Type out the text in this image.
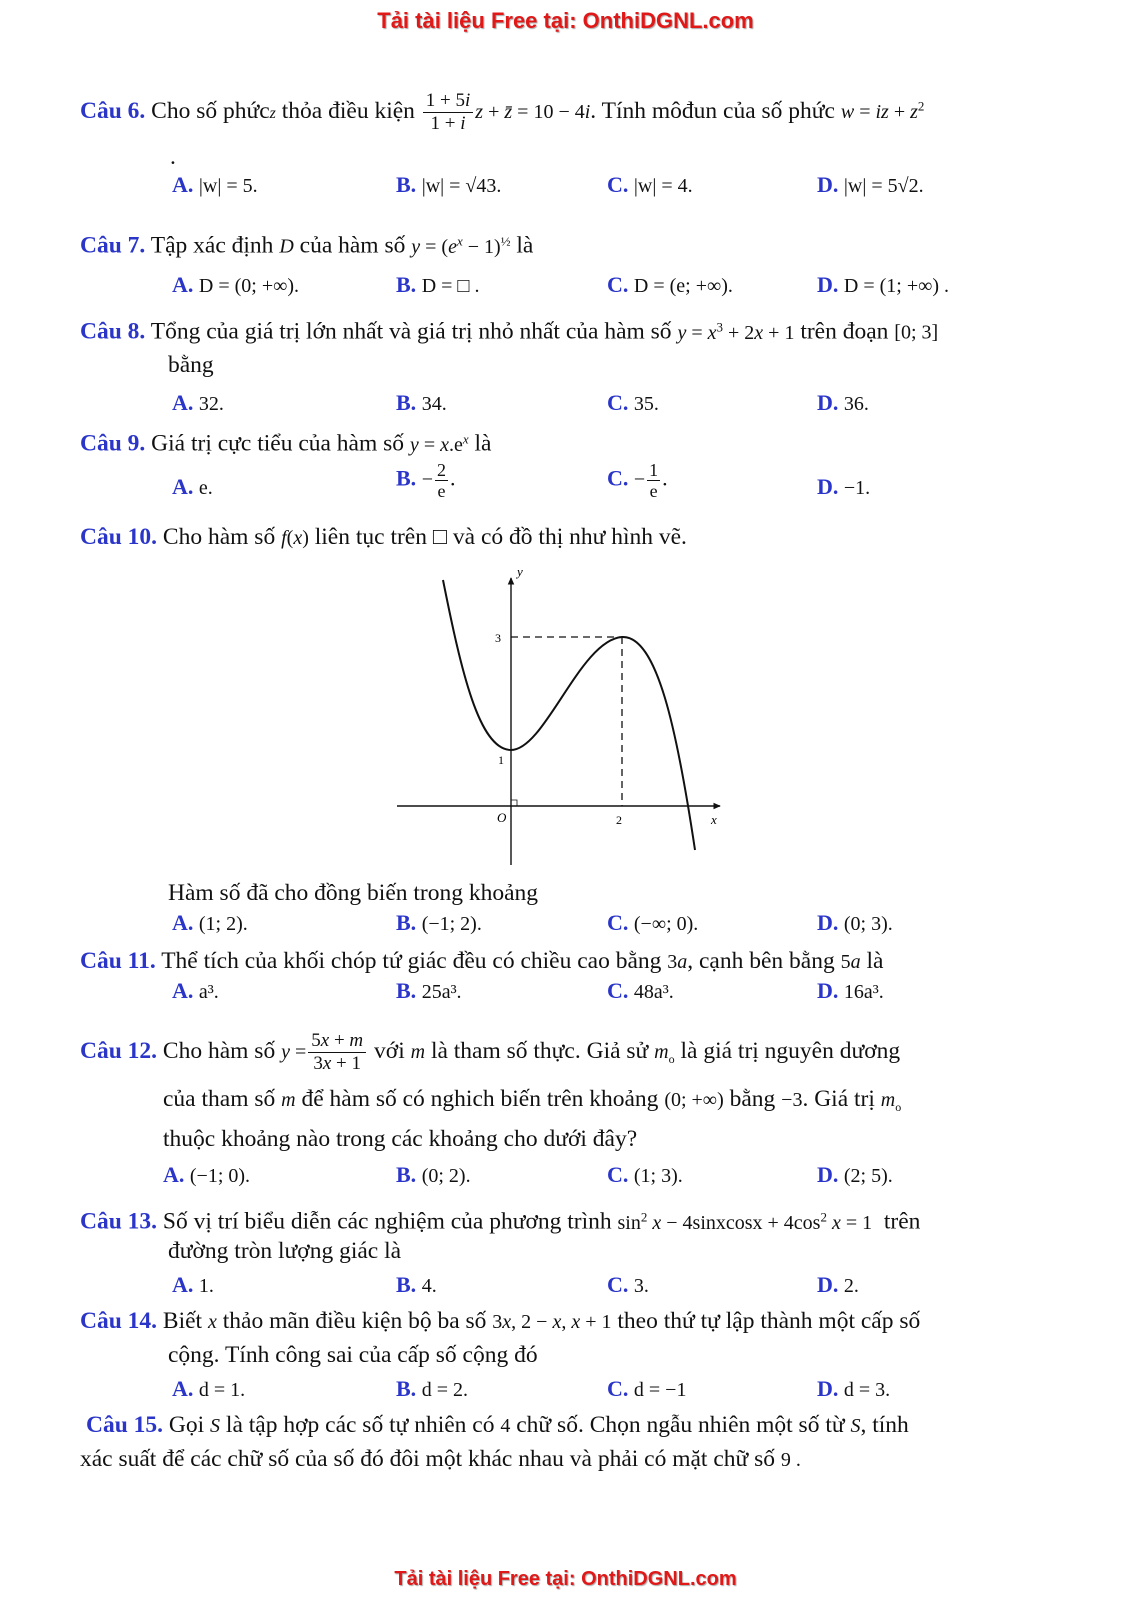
Tải tài liệu Free tại: OnthiDGNL.com
Câu 6. Cho số phứcz thỏa điều kiện $\frac{1 + 5i}{1 + i}$ z + z̄ = 10 − 4i. Tính môđun của số phức w = iz + $z^2$
.
A. |w| = 5.	B. |w| = √43.	C. |w| = 4.	D. |w| = 5√2.
Câu 7. Tập xác định D của hàm số $y = (e^x - 1)^{\frac{1}{2}}$ là
A. D = (0; +∞).	B. D = □ .	C. D = (e; +∞).	D. D = (1; +∞) .
Câu 8. Tổng của giá trị lớn nhất và giá trị nhỏ nhất của hàm số $y = x^3 + 2x + 1$ trên đoạn [0; 3]
bằng
A. 32.	B. 34.	C. 35.	D. 36.
Câu 9. Giá trị cực tiểu của hàm số $y = x.e^x$ là
A. e.	B. − $\frac{2}{e}$ .	C. − $\frac{1}{e}$ .	D. −1.
Câu 10. Cho hàm số f(x) liên tục trên □ và có đồ thị như hình vẽ.
y
x
O
3
1
2
Hàm số đã cho đồng biến trong khoảng
A. (1; 2).	B. (−1; 2).	C. (−∞; 0).	D. (0; 3).
Câu 11. Thể tích của khối chóp tứ giác đều có chiều cao bằng 3a, cạnh bên bằng 5a là
A. a³.	B. 25a³.	C. 48a³.	D. 16a³.
Câu 12. Cho hàm số $y = \frac{5x + m}{3x + 1}$ với m là tham số thực. Giả sử $m_o$ là giá trị nguyên dương
của tham số m để hàm số có nghich biến trên khoảng (0; +∞) bằng −3. Giá trị $m_o$
thuộc khoảng nào trong các khoảng cho dưới đây?
A. (−1; 0).	B. (0; 2).	C. (1; 3).	D. (2; 5).
Câu 13. Số vị trí biểu diễn các nghiệm của phương trình $\sin^2 x$ − 4sinxcosx + $4\cos^2$ x = 1 trên
đường tròn lượng giác là
A. 1.	B. 4.	C. 3.	D. 2.
Câu 14. Biết x thảo mãn điều kiện bộ ba số 3x, 2 − x, x + 1 theo thứ tự lập thành một cấp số
cộng. Tính công sai của cấp số cộng đó
A. d = 1.	B. d = 2.	C. d = −1	D. d = 3.
Câu 15. Gọi S là tập hợp các số tự nhiên có 4 chữ số. Chọn ngẫu nhiên một số từ S, tính
xác suất để các chữ số của số đó đôi một khác nhau và phải có mặt chữ số 9 .
Tải tài liệu Free tại: OnthiDGNL.com
